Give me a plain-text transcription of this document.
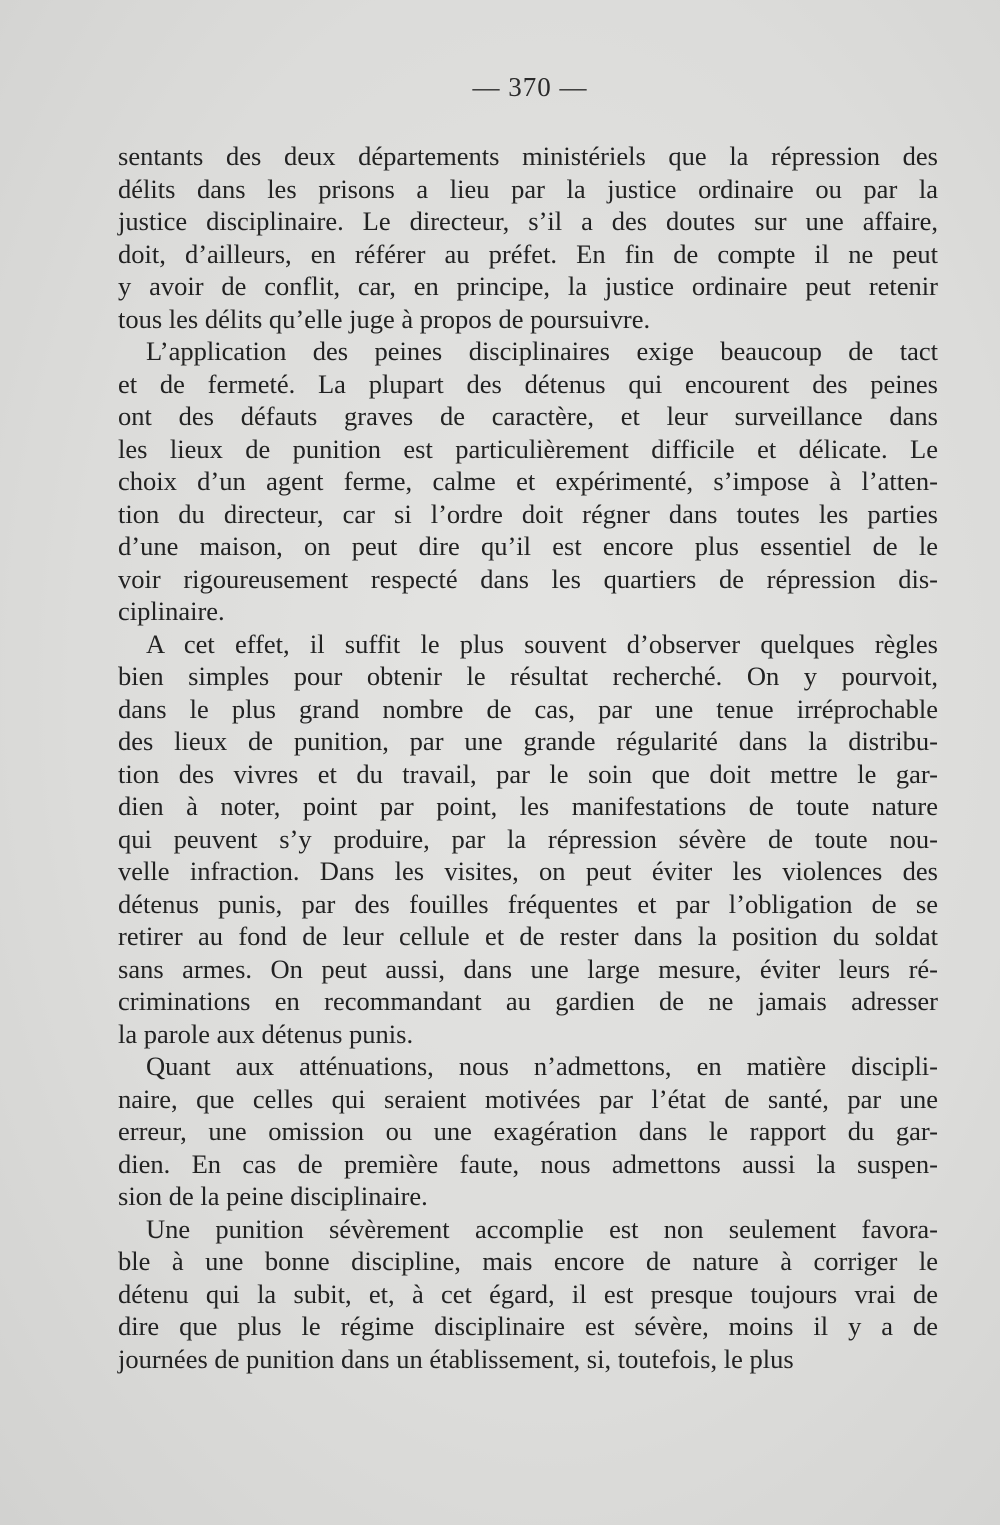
— 370 —
sentants des deux départements ministériels que la répression des
délits dans les prisons a lieu par la justice ordinaire ou par la
justice disciplinaire. Le directeur, s’il a des doutes sur une affaire,
doit, d’ailleurs, en référer au préfet. En fin de compte il ne peut
y avoir de conflit, car, en principe, la justice ordinaire peut retenir
tous les délits qu’elle juge à propos de poursuivre.
L’application des peines disciplinaires exige beaucoup de tact
et de fermeté. La plupart des détenus qui encourent des peines
ont des défauts graves de caractère, et leur surveillance dans
les lieux de punition est particulièrement difficile et délicate. Le
choix d’un agent ferme, calme et expérimenté, s’impose à l’atten-
tion du directeur, car si l’ordre doit régner dans toutes les parties
d’une maison, on peut dire qu’il est encore plus essentiel de le
voir rigoureusement respecté dans les quartiers de répression dis-
ciplinaire.
A cet effet, il suffit le plus souvent d’observer quelques règles
bien simples pour obtenir le résultat recherché. On y pourvoit,
dans le plus grand nombre de cas, par une tenue irréprochable
des lieux de punition, par une grande régularité dans la distribu-
tion des vivres et du travail, par le soin que doit mettre le gar-
dien à noter, point par point, les manifestations de toute nature
qui peuvent s’y produire, par la répression sévère de toute nou-
velle infraction. Dans les visites, on peut éviter les violences des
détenus punis, par des fouilles fréquentes et par l’obligation de se
retirer au fond de leur cellule et de rester dans la position du soldat
sans armes. On peut aussi, dans une large mesure, éviter leurs ré-
criminations en recommandant au gardien de ne jamais adresser
la parole aux détenus punis.
Quant aux atténuations, nous n’admettons, en matière discipli-
naire, que celles qui seraient motivées par l’état de santé, par une
erreur, une omission ou une exagération dans le rapport du gar-
dien. En cas de première faute, nous admettons aussi la suspen-
sion de la peine disciplinaire.
Une punition sévèrement accomplie est non seulement favora-
ble à une bonne discipline, mais encore de nature à corriger le
détenu qui la subit, et, à cet égard, il est presque toujours vrai de
dire que plus le régime disciplinaire est sévère, moins il y a de
journées de punition dans un établissement, si, toutefois, le plus
